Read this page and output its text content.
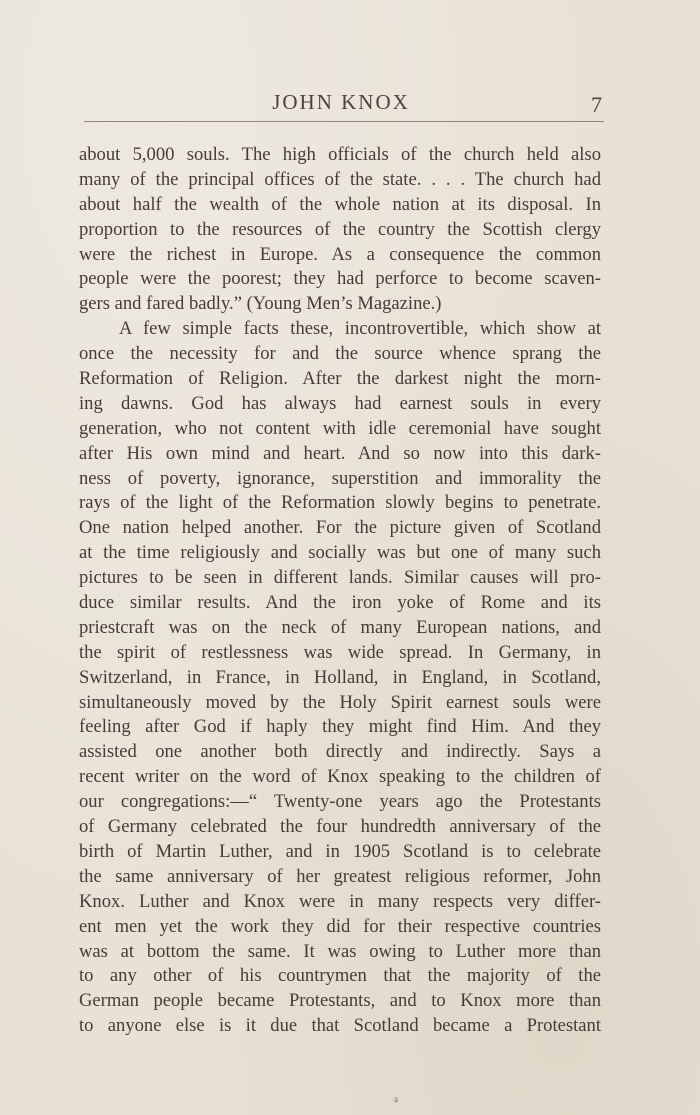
JOHN KNOX	7
about 5,000 souls. The high officials of the church held also
many of the principal offices of the state. . . . The church had
about half the wealth of the whole nation at its disposal. In
proportion to the resources of the country the Scottish clergy
were the richest in Europe. As a consequence the common
people were the poorest; they had perforce to become scaven-
gers and fared badly.” (Young Men’s Magazine.)
A few simple facts these, incontrovertible, which show at
once the necessity for and the source whence sprang the
Reformation of Religion. After the darkest night the morn-
ing dawns. God has always had earnest souls in every
generation, who not content with idle ceremonial have sought
after His own mind and heart. And so now into this dark-
ness of poverty, ignorance, superstition and immorality the
rays of the light of the Reformation slowly begins to penetrate.
One nation helped another. For the picture given of Scotland
at the time religiously and socially was but one of many such
pictures to be seen in different lands. Similar causes will pro-
duce similar results. And the iron yoke of Rome and its
priestcraft was on the neck of many European nations, and
the spirit of restlessness was wide spread. In Germany, in
Switzerland, in France, in Holland, in England, in Scotland,
simultaneously moved by the Holy Spirit earnest souls were
feeling after God if haply they might find Him. And they
assisted one another both directly and indirectly. Says a
recent writer on the word of Knox speaking to the children of
our congregations:—“ Twenty-one years ago the Protestants
of Germany celebrated the four hundredth anniversary of the
birth of Martin Luther, and in 1905 Scotland is to celebrate
the same anniversary of her greatest religious reformer, John
Knox. Luther and Knox were in many respects very differ-
ent men yet the work they did for their respective countries
was at bottom the same. It was owing to Luther more than
to any other of his countrymen that the majority of the
German people became Protestants, and to Knox more than
to anyone else is it due that Scotland became a Protestant
a
